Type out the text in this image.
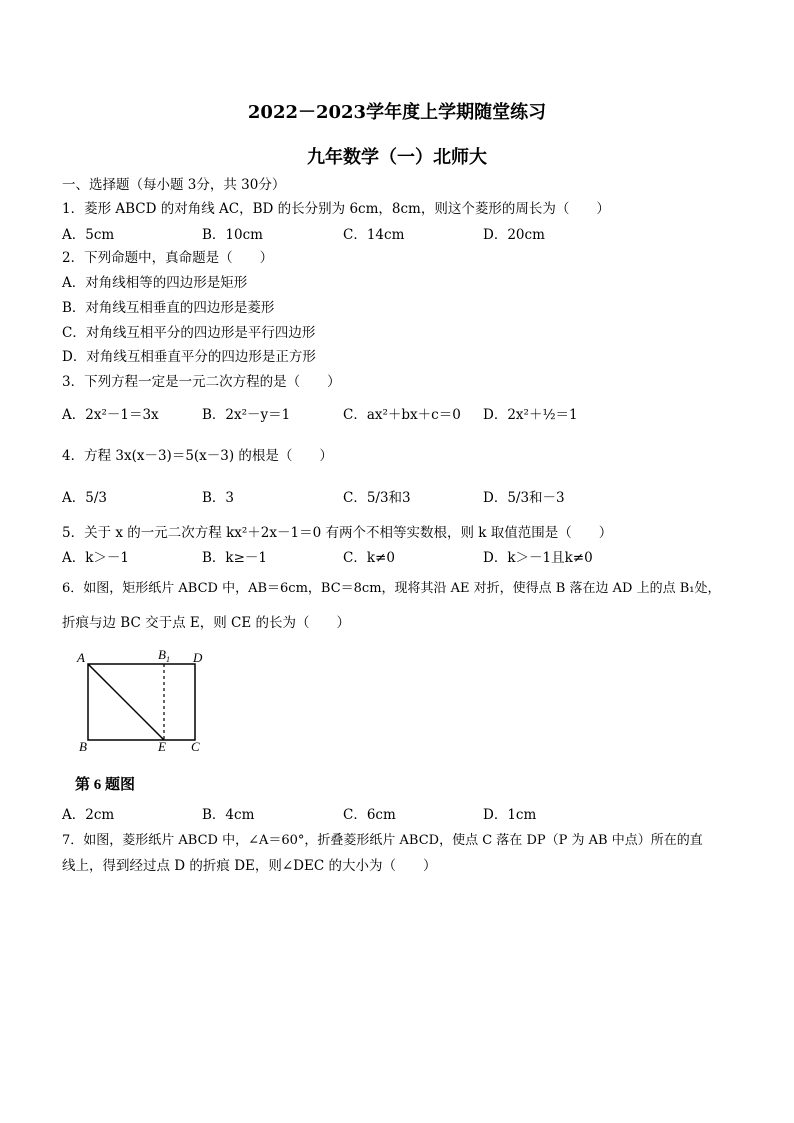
2022－2023学年度上学期随堂练习
九年数学（一）北师大
一、选择题（每小题 3分，共 30分）
1．菱形 ABCD 的对角线 AC，BD 的长分别为 6cm，8cm，则这个菱形的周长为（　　）
A．5cm	B．10cm	C．14cm	D．20cm
2．下列命题中，真命题是（　　）
A．对角线相等的四边形是矩形
B．对角线互相垂直的四边形是菱形
C．对角线互相平分的四边形是平行四边形
D．对角线互相垂直平分的四边形是正方形
3．下列方程一定是一元二次方程的是（　　）
A．2x²－1＝3x	B．2x²－y＝1	C．ax²＋bx＋c＝0 D．2x²＋½＝1
4．方程 3x(x－3)＝5(x－3) 的根是（　　）
A．5/3	B．3	C．5/3和3	D．5/3和－3
5．关于 x 的一元二次方程 kx²＋2x－1＝0 有两个不相等实数根，则 k 取值范围是（　　）
A．k＞－1	B．k≥－1	C．k≠0	D．k＞－1且k≠0
6．如图，矩形纸片 ABCD 中，AB＝6cm，BC＝8cm，现将其沿 AE 对折，使得点 B 落在边 AD 上的点 B₁处，
折痕与边 BC 交于点 E，则 CE 的长为（　　）
A	$B_1$ D
B	E C
第 6 题图
A．2cm	B．4cm	C．6cm	D．1cm
7．如图，菱形纸片 ABCD 中，∠A＝60°，折叠菱形纸片 ABCD，使点 C 落在 DP（P 为 AB 中点）所在的直
线上，得到经过点 D 的折痕 DE，则∠DEC 的大小为（　　）
